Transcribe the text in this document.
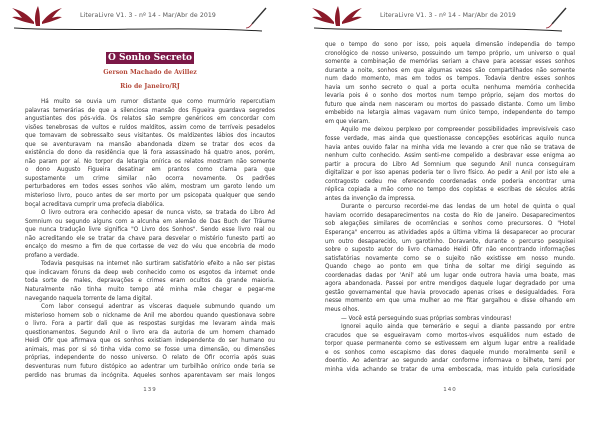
LiteraLivre V1. 3 - nº 14 - Mar/Abr de 2019
O Sonho Secreto
Gerson Machado de Avillez
Rio de Janeiro/RJ
Há muito se ouvia um rumor distante que como murmúrio repercutiam
palavras temerárias de que a silenciosa mansão dos Figueira guardava segredos
angustiantes dos pós-vida. Os relatos são sempre genéricos em concordar com
visões tenebrosas de vultos e ruídos malditos, assim como de terríveis pesadelos
que tomavam de sobressalto seus visitantes. Os maldizentes lábios dos incautos
que se aventuravam na mansão abandonada dizem se tratar dos ecos da
existência do dono da residência que lá fora assassinado há quatro anos, porém,
não param por aí. No torpor da letargia onírica os relatos mostram não somente
o dono Augusto Figueira desatinar em prantos como clama para que
supostamente um crime similar não ocorra novamente. Os padrões
perturbadores em todos esses sonhos vão além, mostram um garoto lendo um
misterioso livro, pouco antes de ser morto por um psicopata qualquer que sendo
boçal acreditava cumprir uma profecia diabólica.
O livro outrora era conhecido apesar de nunca visto, se tratada do Libro Ad
Somnium ou segundo alguns com a alcunha em alemão de Das Buch der Träume
que nunca tradução livre significa "O Livro dos Sonhos". Sendo esse livro real ou
não acreditando ele se tratar da chave para desvelar o mistério funesto parti ao
encalço do mesmo a fim de que cortasse de vez do véu que encobria de modo
profano a verdade.
Todavia pesquisas na internet não surtiram satisfatório efeito a não ser pistas
que indicavam fóruns da deep web conhecido como os esgotos da internet onde
toda sorte de males, depravações e crimes eram ocultos da grande maioria.
Naturalmente não tinha muito tempo até minha mãe chegar e pegar-me
navegando naquela torrente de lama digital.
Com labor consegui adentrar as vísceras daquele submundo quando um
misterioso homem sob o nickname de Anil me abordou quando questionava sobre
o livro. Fora a partir dali que as respostas surgidas me levaram ainda mais
questionamentos. Segundo Anil o livro era da autoria de um homem chamado
Heidi Ofir que afirmava que os sonhos existiam independente do ser humano ou
animais, mas por si só tinha vida como se fosse uma dimensão, ou dimensões
próprias, independente do nosso universo. O relato de Ofir ocorria após suas
desventuras num futuro distópico ao adentrar um turbilhão onírico onde teria se
perdido nas brumas da incógnita. Aqueles sonhos aparentavam ser mais longos
139
LiteraLivre V1. 3 - nº 14 - Mar/Abr de 2019
que o tempo do sono por isso, pois aquela dimensão independia do tempo
cronológico de nosso universo, possuindo um tempo próprio, um universo o qual
somente a combinação de memórias seriam a chave para acessar esses sonhos
durante a noite, sonhos em que algumas vezes são compartilhados não somente
num dado momento, mas em todos os tempos. Todavia dentre esses sonhos
havia um sonho secreto o qual a porta oculta nenhuma memória conhecida
levaria pois é o sonho dos mortos num tempo próprio, sejam dos mortos do
futuro que ainda nem nasceram ou mortos do passado distante. Como um limbo
embebido na letargia almas vagavam num único tempo, independente do tempo
em que vieram.
Aquilo me deixou perplexo por compreender possibilidades imprevisíveis caso
fosse verdade, mas ainda que questionasse concepções esotéricas aquilo nunca
havia antes ouvido falar na minha vida me levando a crer que não se tratava de
nenhum culto conhecido. Assim senti-me compelido a desbravar esse enigma ao
partir a procura do Libro Ad Somnium que segundo Anil nunca conseguiram
digitalizar e por isso apenas poderia ter o livro físico. Ao pedir a Anil por isto ele a
contragosto cedeu me oferecendo coordenadas onde poderia encontrar uma
réplica copiada a mão como no tempo dos copistas e escribas de séculos atrás
antes da invenção da impressa.
Durante o percurso recordei-me das lendas de um hotel de quinta o qual
haviam ocorrido desaparecimentos na costa do Rio de Janeiro. Desaparecimentos
sob alegações similares de ocorrências e sonhos como precursores. O "Hotel
Esperança" encerrou as atividades após a última vítima lá desaparecer ao procurar
um outro desaparecido, um garotinho. Doravante, durante o percurso pesquisei
sobre o suposto autor do livro chamado Heidi Ofir não encontrando informações
satisfatórias novamente como se o sujeito não existisse em nosso mundo.
Quando chego ao ponto em que tinha de soltar me dirigi seguindo as
coordenadas dadas por 'Anil' até um lugar onde outrora havia uma boate, mas
agora abandonada. Passei por entre mendigos daquele lugar degradado por uma
gestão governamental que havia provocado apenas crises e desigualdades. Fora
nesse momento em que uma mulher ao me fitar gargalhou e disse olhando em
meus olhos.
— Você está perseguindo suas próprias sombras vindouras!
Ignorei aquilo ainda que temerário e segui a diante passando por entre
cracudos que se esgueiravam como mortos-vivos esquálidos num estado de
torpor quase permanente como se estivessem em algum lugar entre a realidade
e os sonhos como escapismo das dores daquele mundo moralmente senil e
doentio. Ao adentrar ao segundo andar conforme informava o bilhete, temi por
minha vida achando se tratar de uma emboscada, mas intuído pela curiosidade
140
